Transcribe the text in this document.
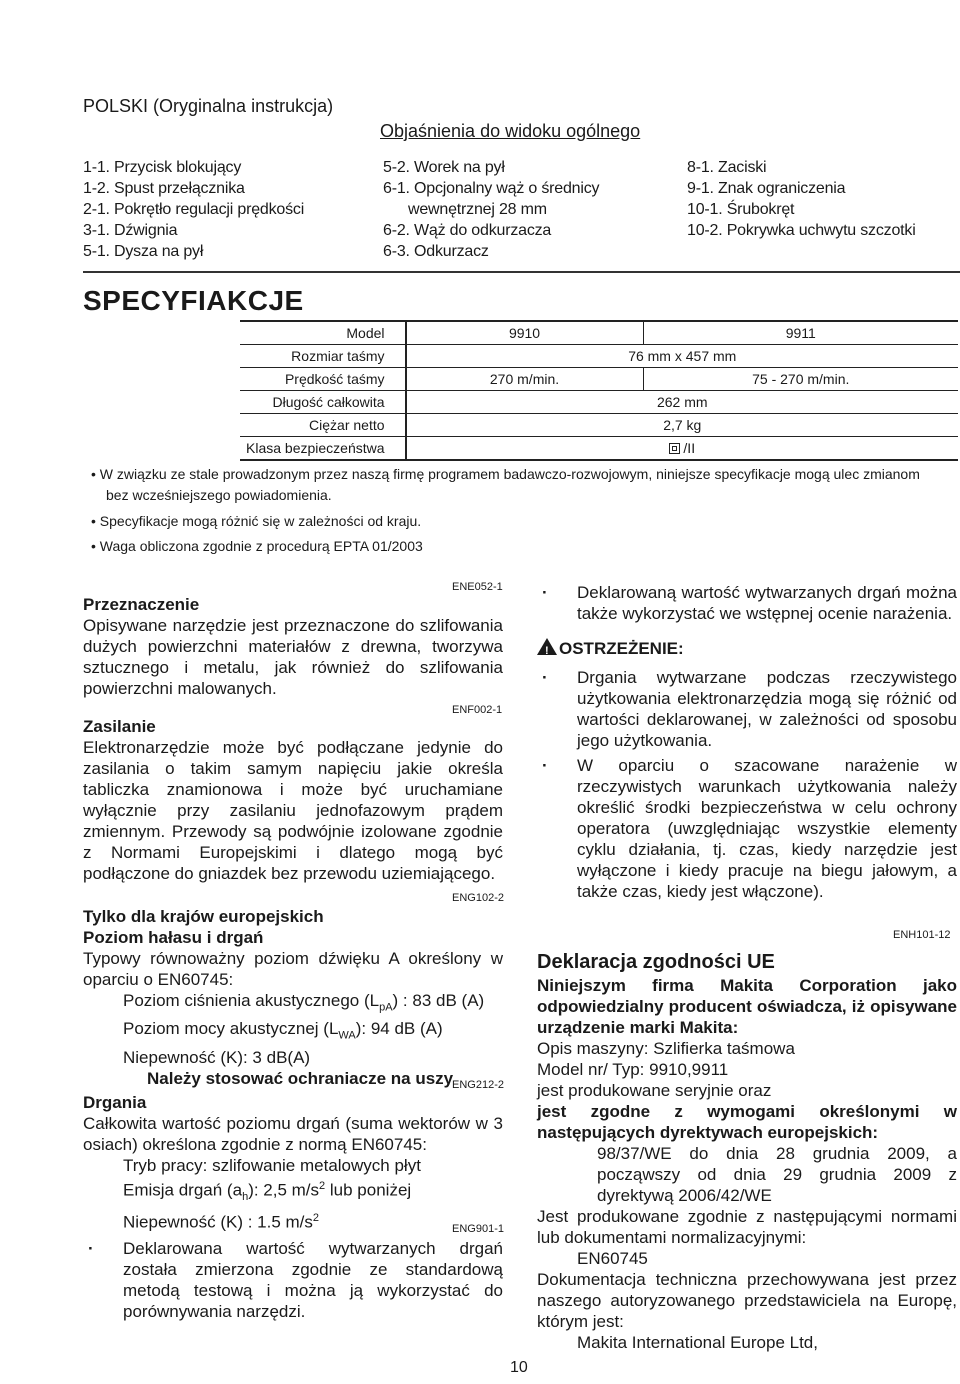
POLSKI (Oryginalna instrukcja)
Objaśnienia do widoku ogólnego
1-1. Przycisk blokujący
1-2. Spust przełącznika
2-1. Pokrętło regulacji prędkości
3-1. Dźwignia
5-1. Dysza na pył
5-2. Worek na pył
6-1. Opcjonalny wąż o średnicy
wewnętrznej 28 mm
6-2. Wąż do odkurzacza
6-3. Odkurzacz
8-1. Zaciski
9-1. Znak ograniczenia
10-1. Śrubokręt
10-2. Pokrywka uchwytu szczotki
SPECYFIAKCJE
Model	9910	9911
Rozmiar taśmy	76 mm x 457 mm	
Prędkość taśmy	270 m/min.	75 - 270 m/min.
Długość całkowita	262 mm	
Ciężar netto	2,7 kg	
Klasa bezpieczeństwa	/II	
• W związku ze stale prowadzonym przez naszą firmę programem badawczo-rozwojowym, niniejsze specyfikacje mogą ulec zmianom
bez wcześniejszego powiadomienia.
• Specyfikacje mogą różnić się w zależności od kraju.
• Waga obliczona zgodnie z procedurą EPTA 01/2003
ENE052-1
Przeznaczenie

Opisywane narzędzie jest przeznaczone do szlifowania dużych powierzchni materiałów z drewna, tworzywa sztucznego i metalu, jak również do szlifowania powierzchni malowanych.

ENF002-1
Zasilanie

Elektronarzędzie może być podłączane jedynie do zasilania o takim samym napięciu jakie określa tabliczka znamionowa i może być uruchamiane wyłącznie przy zasilaniu jednofazowym prądem zmiennym. Przewody są podwójnie izolowane zgodnie z Normami Europejskimi i dlatego mogą być podłączone do gniazdek bez przewodu uziemiającego.

ENG102-2
Tylko dla krajów europejskich
Poziom hałasu i drgań

Typowy równoważny poziom dźwięku A określony w oparciu o EN60745:

Poziom ciśnienia akustycznego $(L_{pA})$ : 83 dB (A)
Poziom mocy akustycznej $(L_{WA})$: 94 dB (A)
Niepewność (K): 3 dB(A)
Należy stosować ochraniacze na uszy
ENG212-2
Drgania

Całkowita wartość poziomu drgań (suma wektorów w 3 osiach) określona zgodnie z normą EN60745:

Tryb pracy: szlifowanie metalowych płyt
Emisja drgań $(a_h)$: 2,5 $m/s^2$ lub poniżej
Niepewność (K) : 1.5 $m/s^2$
ENG901-1

· Deklarowana wartość wytwarzanych drgań została zmierzona zgodnie ze standardową metodą testową i można ją wykorzystać do porównywania narzędzi.

· Deklarowaną wartość wytwarzanych drgań można także wykorzystać we wstępnej ocenie narażenia.

!OSTRZEŻENIE:

· Drgania wytwarzane podczas rzeczywistego użytkowania elektronarzędzia mogą się różnić od wartości deklarowanej, w zależności od sposobu jego użytkowania.

· W oparciu o szacowane narażenie w rzeczywistych warunkach użytkowania należy określić środki bezpieczeństwa w celu ochrony operatora (uwzględniając wszystkie elementy cyklu działania, tj. czas, kiedy narzędzie jest wyłączone i kiedy pracuje na biegu jałowym, a także czas, kiedy jest włączone).

ENH101-12
Deklaracja zgodności UE

Niniejszym firma Makita Corporation jako odpowiedzialny producent oświadcza, iż opisywane urządzenie marki Makita:

Opis maszyny: Szlifierka taśmowa
Model nr/ Typ: 9910,9911
jest produkowane seryjnie oraz

jest zgodne z wymogami określonymi w następujących dyrektywach europejskich:

98/37/WE do dnia 28 grudnia 2009, a począwszy od dnia 29 grudnia 2009 z dyrektywą 2006/42/WE

Jest produkowane zgodnie z następującymi normami lub dokumentami normalizacyjnymi:

EN60745

Dokumentacja techniczna przechowywana jest przez naszego autoryzowanego przedstawiciela na Europę, którym jest:

Makita International Europe Ltd,
10
